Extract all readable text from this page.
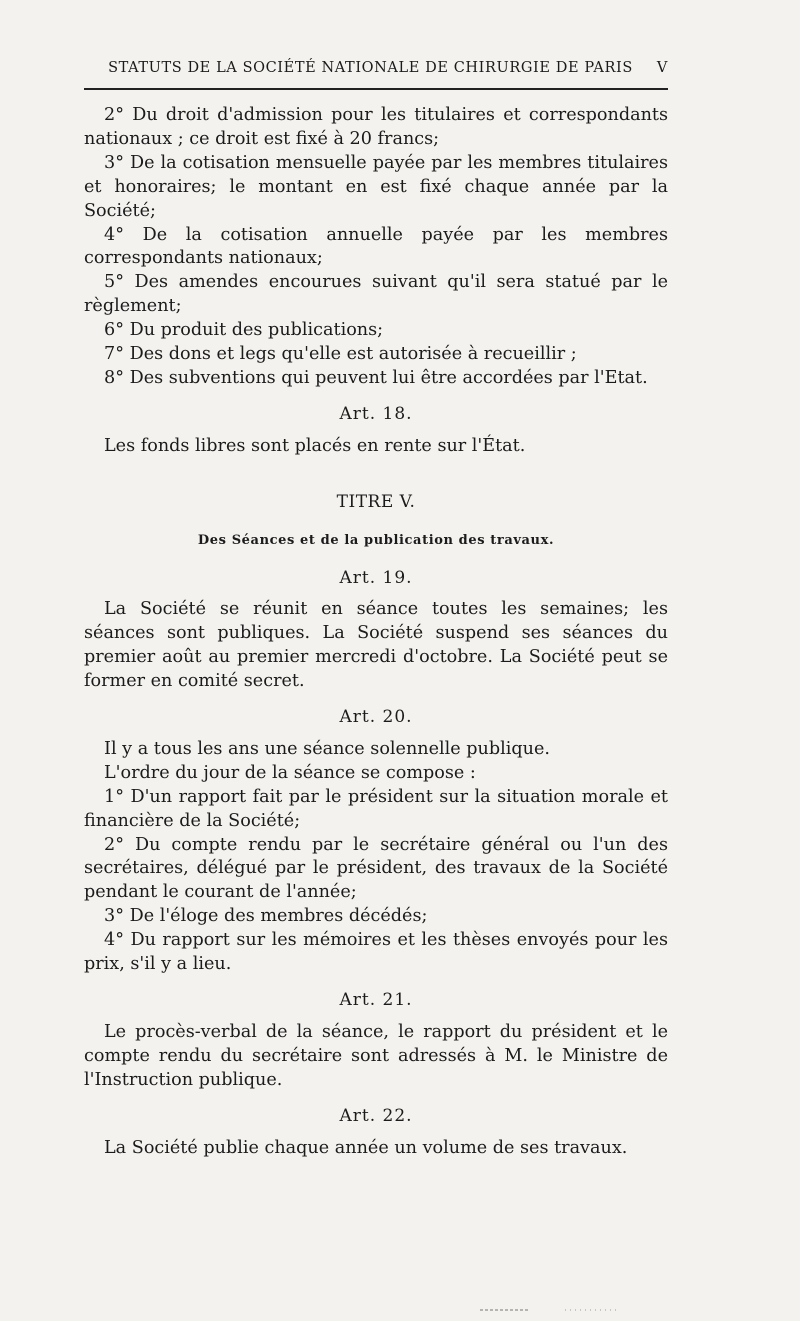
STATUTS DE LA SOCIÉTÉ NATIONALE DE CHIRURGIE DE PARIS	V

2° Du droit d'admission pour les titulaires et correspondants nationaux ; ce droit est fixé à 20 francs;

3° De la cotisation mensuelle payée par les membres titulaires et honoraires; le montant en est fixé chaque année par la Société;

4° De la cotisation annuelle payée par les membres correspondants nationaux;

5° Des amendes encourues suivant qu'il sera statué par le règlement;

6° Du produit des publications;

7° Des dons et legs qu'elle est autorisée à recueillir ;

8° Des subventions qui peuvent lui être accordées par l'Etat.

Art. 18.

Les fonds libres sont placés en rente sur l'État.

TITRE V.
Des Séances et de la publication des travaux.
Art. 19.

La Société se réunit en séance toutes les semaines; les séances sont publiques. La Société suspend ses séances du premier août au premier mercredi d'octobre. La Société peut se former en comité secret.

Art. 20.

Il y a tous les ans une séance solennelle publique.

L'ordre du jour de la séance se compose :

1° D'un rapport fait par le président sur la situation morale et financière de la Société;

2° Du compte rendu par le secrétaire général ou l'un des secrétaires, délégué par le président, des travaux de la Société pendant le courant de l'année;

3° De l'éloge des membres décédés;

4° Du rapport sur les mémoires et les thèses envoyés pour les prix, s'il y a lieu.

Art. 21.

Le procès-verbal de la séance, le rapport du président et le compte rendu du secrétaire sont adressés à M. le Ministre de l'Instruction publique.

Art. 22.

La Société publie chaque année un volume de ses travaux.
